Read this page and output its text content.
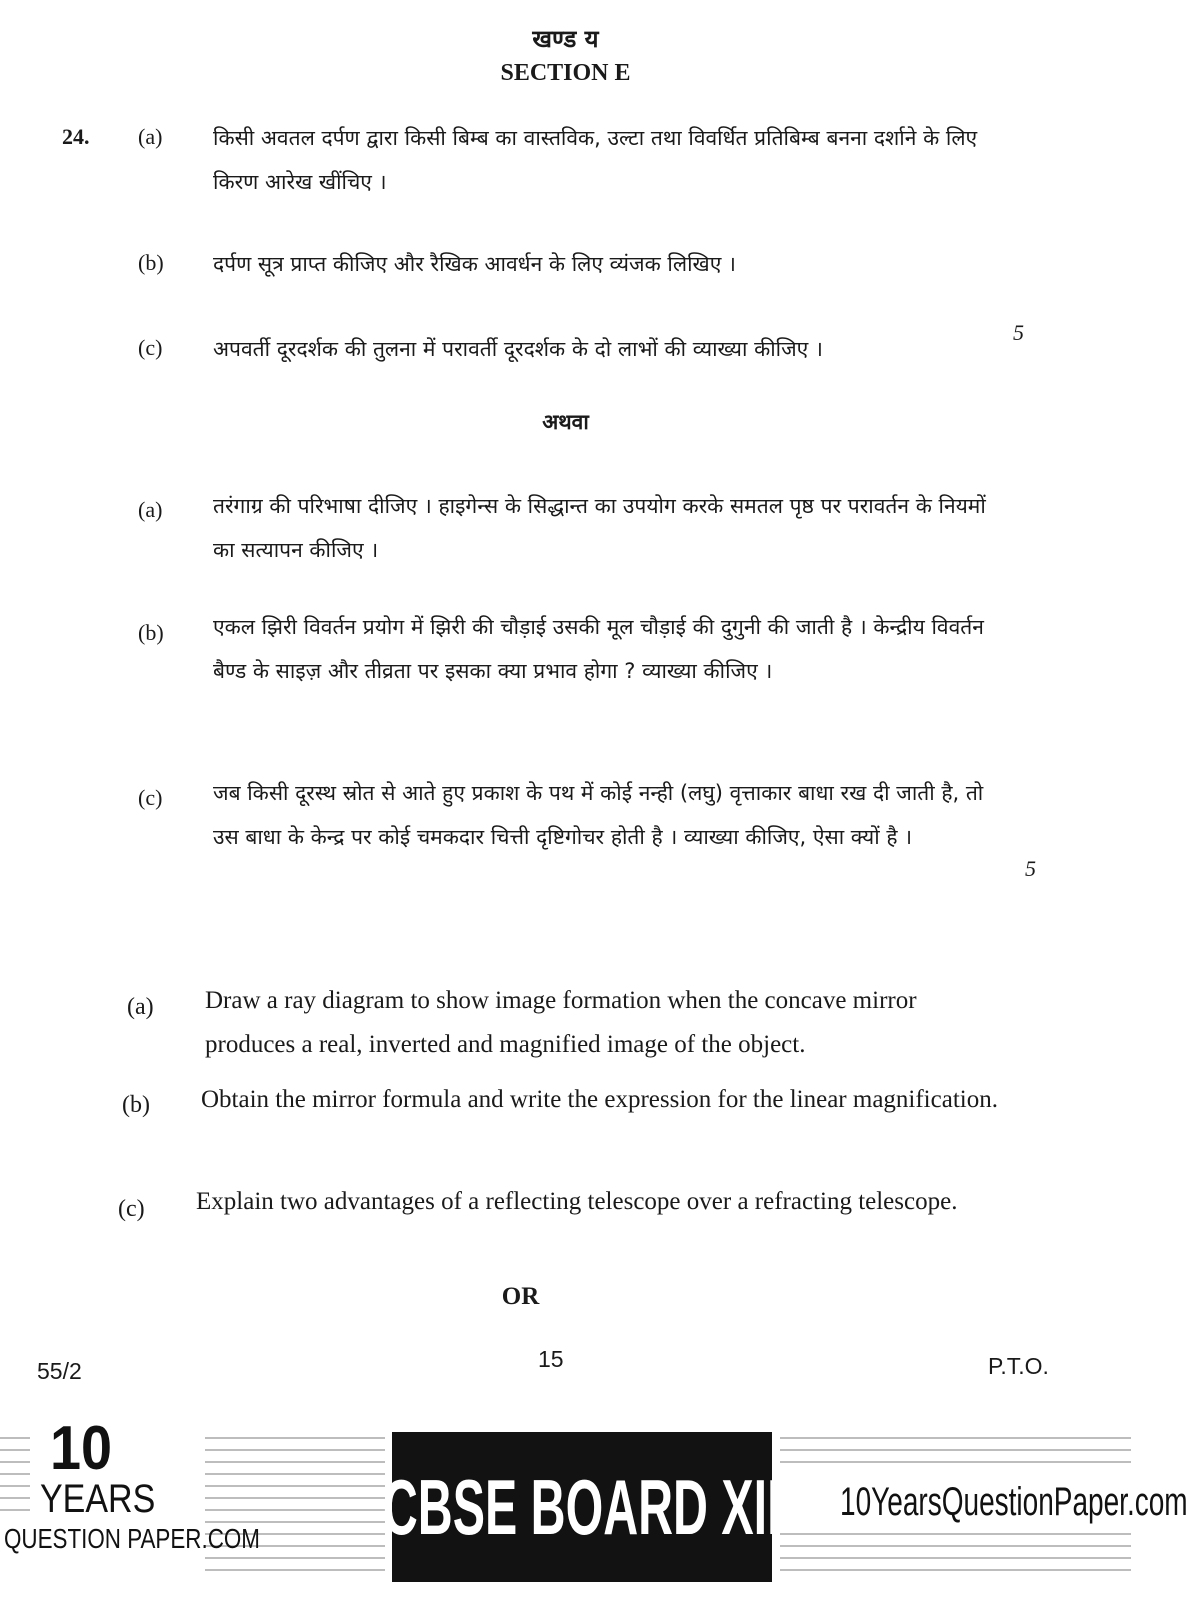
खण्ड य
SECTION E
24. (a) किसी अवतल दर्पण द्वारा किसी बिम्ब का वास्तविक, उल्टा तथा विवर्धित प्रतिबिम्ब बनना दर्शाने के लिए किरण आरेख खींचिए ।
(b) दर्पण सूत्र प्राप्त कीजिए और रैखिक आवर्धन के लिए व्यंजक लिखिए ।
(c) अपवर्ती दूरदर्शक की तुलना में परावर्ती दूरदर्शक के दो लाभों की व्याख्या कीजिए ।
5
अथवा
(a) तरंगाग्र की परिभाषा दीजिए । हाइगेन्स के सिद्धान्त का उपयोग करके समतल पृष्ठ पर परावर्तन के नियमों का सत्यापन कीजिए ।
(b) एकल झिरी विवर्तन प्रयोग में झिरी की चौड़ाई उसकी मूल चौड़ाई की दुगुनी की जाती है । केन्द्रीय विवर्तन बैण्ड के साइज़ और तीव्रता पर इसका क्या प्रभाव होगा ? व्याख्या कीजिए ।
(c) जब किसी दूरस्थ स्रोत से आते हुए प्रकाश के पथ में कोई नन्ही (लघु) वृत्ताकार बाधा रख दी जाती है, तो उस बाधा के केन्द्र पर कोई चमकदार चित्ती दृष्टिगोचर होती है । व्याख्या कीजिए, ऐसा क्यों है ।
5
(a) Draw a ray diagram to show image formation when the concave mirror produces a real, inverted and magnified image of the object.
(b) Obtain the mirror formula and write the expression for the linear magnification.
(c) Explain two advantages of a reflecting telescope over a refracting telescope.
OR
55/2	15	P.T.O.
10
YEARS
QUESTION PAPER.COM CBSE BOARD XII 10YearsQuestionPaper.com
